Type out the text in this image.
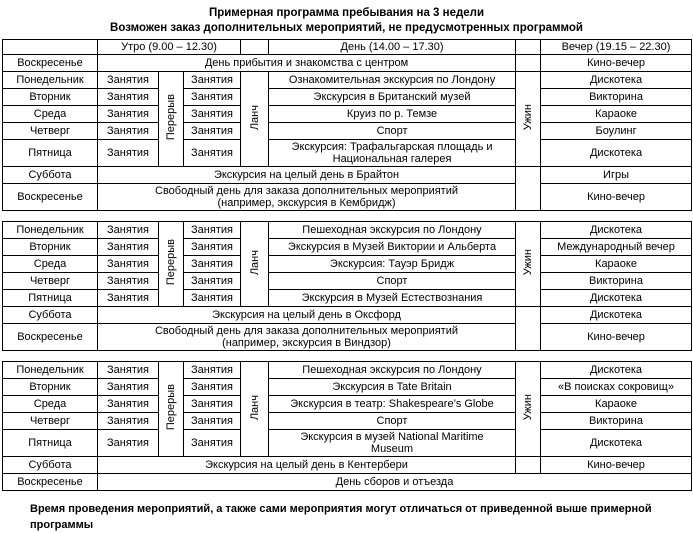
Примерная программа пребывания на 3 недели
Возможен заказ дополнительных мероприятий, не предусмотренных программой
	Утро (9.00 – 12.30)				День (14.00 – 17.30)		Вечер (19.15 – 22.30)
Воскресенье	День прибытия и знакомства с центром						Кино-вечер
Понедельник	Занятия	Перерыв	Занятия	Ланч	Ознакомительная экскурсия по Лондону	Ужин	Дискотека
Вторник	Занятия		Занятия		Экскурсия в Британский музей		Викторина
Среда	Занятия		Занятия		Круиз по р. Темзе		Караоке
Четверг	Занятия		Занятия		Спорт		Боулинг
Пятница	Занятия		Занятия		Экскурсия: Трафальгарская площадь и Национальная галерея		Дискотека
Суббота	Экскурсия на целый день в Брайтон						Игры
Воскресенье	Свободный день для заказа дополнительных мероприятий (например, экскурсия в Кембридж)						Кино-вечер
Понедельник	Занятия	Перерыв	Занятия	Ланч	Пешеходная экскурсия по Лондону	Ужин	Дискотека
Вторник	Занятия		Занятия		Экскурсия в Музей Виктории и Альберта		Международный вечер
Среда	Занятия		Занятия		Экскурсия: Тауэр Бридж		Караоке
Четверг	Занятия		Занятия		Спорт		Викторина
Пятница	Занятия		Занятия		Экскурсия в Музей Естествознания		Дискотека
Суббота	Экскурсия на целый день в Оксфорд						Дискотека
Воскресенье	Свободный день для заказа дополнительных мероприятий (например, экскурсия в Виндзор)						Кино-вечер
Понедельник	Занятия	Перерыв	Занятия	Ланч	Пешеходная экскурсия по Лондону	Ужин	Дискотека
Вторник	Занятия		Занятия		Экскурсия в Tate Britain		«В поисках сокровищ»
Среда	Занятия		Занятия		Экскурсия в театр: Shakespeare’s Globe		Караоке
Четверг	Занятия		Занятия		Спорт		Викторина
Пятница	Занятия		Занятия		Экскурсия в музей National Maritime Museum		Дискотека
Суббота	Экскурсия на целый день в Кентербери						Кино-вечер
Воскресенье	День сборов и отъезда						
Время проведения мероприятий, а также сами мероприятия могут отличаться от приведенной выше примерной программы
